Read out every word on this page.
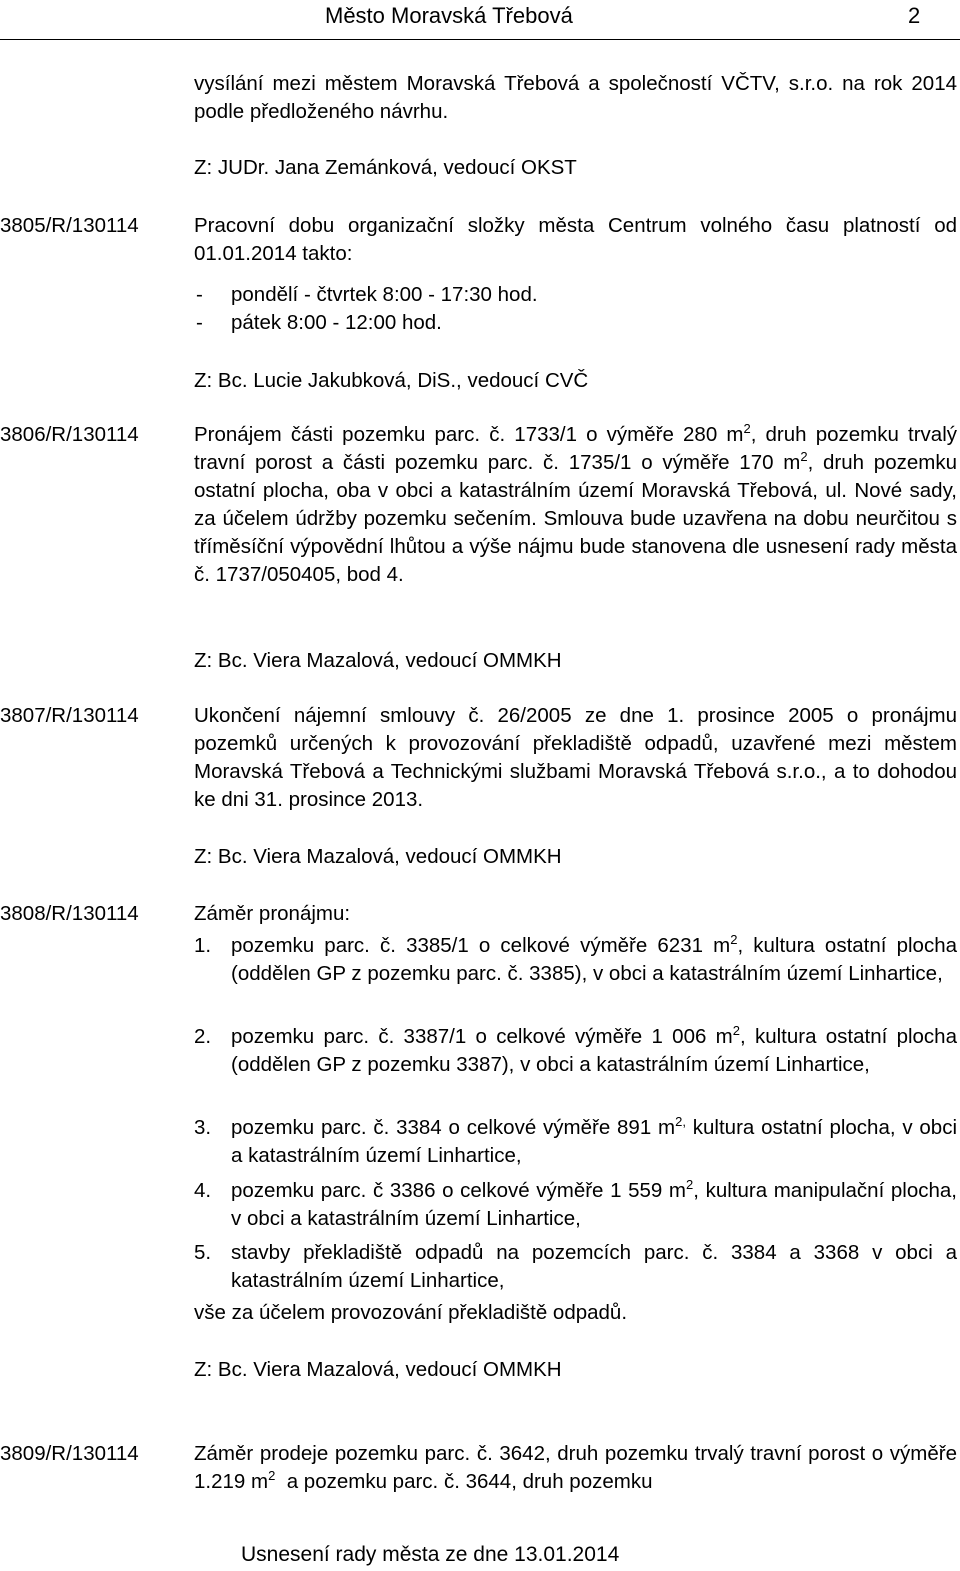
Město Moravská Třebová	2

vysílání mezi městem Moravská Třebová a společností VČTV, s.r.o. na rok 2014 podle předloženého návrhu.

Z: JUDr. Jana Zemánková, vedoucí OKST
3805/R/130114	Pracovní dobu organizační složky města Centrum volného času platností od 01.01.2014 takto:

- pondělí - čtvrtek 8:00 - 17:30 hod.
- pátek 8:00 - 12:00 hod.
Z: Bc. Lucie Jakubková, DiS., vedoucí CVČ
3806/R/130114	Pronájem části pozemku parc. č. 1733/1 o výměře 280 $m^2$, druh pozemku trvalý travní porost a části pozemku parc. č. 1735/1 o výměře 170 $m^2$, druh pozemku ostatní plocha, oba v obci a katastrálním území Moravská Třebová, ul. Nové sady, za účelem údržby pozemku sečením. Smlouva bude uzavřena na dobu neurčitou s tříměsíční výpovědní lhůtou a výše nájmu bude stanovena dle usnesení rady města č. 1737/050405, bod 4.

Z: Bc. Viera Mazalová, vedoucí OMMKH
3807/R/130114	Ukončení nájemní smlouvy č. 26/2005 ze dne 1. prosince 2005 o pronájmu pozemků určených k provozování překladiště odpadů, uzavřené mezi městem Moravská Třebová a Technickými službami Moravská Třebová s.r.o., a to dohodou ke dni 31. prosince 2013.

Z: Bc. Viera Mazalová, vedoucí OMMKH
3808/R/130114	Záměr pronájmu:

1. pozemku parc. č. 3385/1 o celkové výměře 6231 $m^2$, kultura ostatní plocha (oddělen GP z pozemku parc. č. 3385), v obci a katastrálním území Linhartice,

2. pozemku parc. č. 3387/1 o celkové výměře 1 006 $m^2$, kultura ostatní plocha (oddělen GP z pozemku 3387), v obci a katastrálním území Linhartice,

3. pozemku parc. č. 3384 o celkové výměře 891 $m^{2,}$ kultura ostatní plocha, v obci a katastrálním území Linhartice,

4. pozemku parc. č 3386 o celkové výměře 1 559 $m^2$, kultura manipulační plocha, v obci a katastrálním území Linhartice,

5. stavby překladiště odpadů na pozemcích parc. č. 3384 a 3368 v obci a katastrálním území Linhartice,

vše za účelem provozování překladiště odpadů.
Z: Bc. Viera Mazalová, vedoucí OMMKH
3809/R/130114	Záměr prodeje pozemku parc. č. 3642, druh pozemku trvalý travní porost o výměře 1.219 $m^2$  a pozemku parc. č. 3644, druh pozemku

Usnesení rady města ze dne 13.01.2014
